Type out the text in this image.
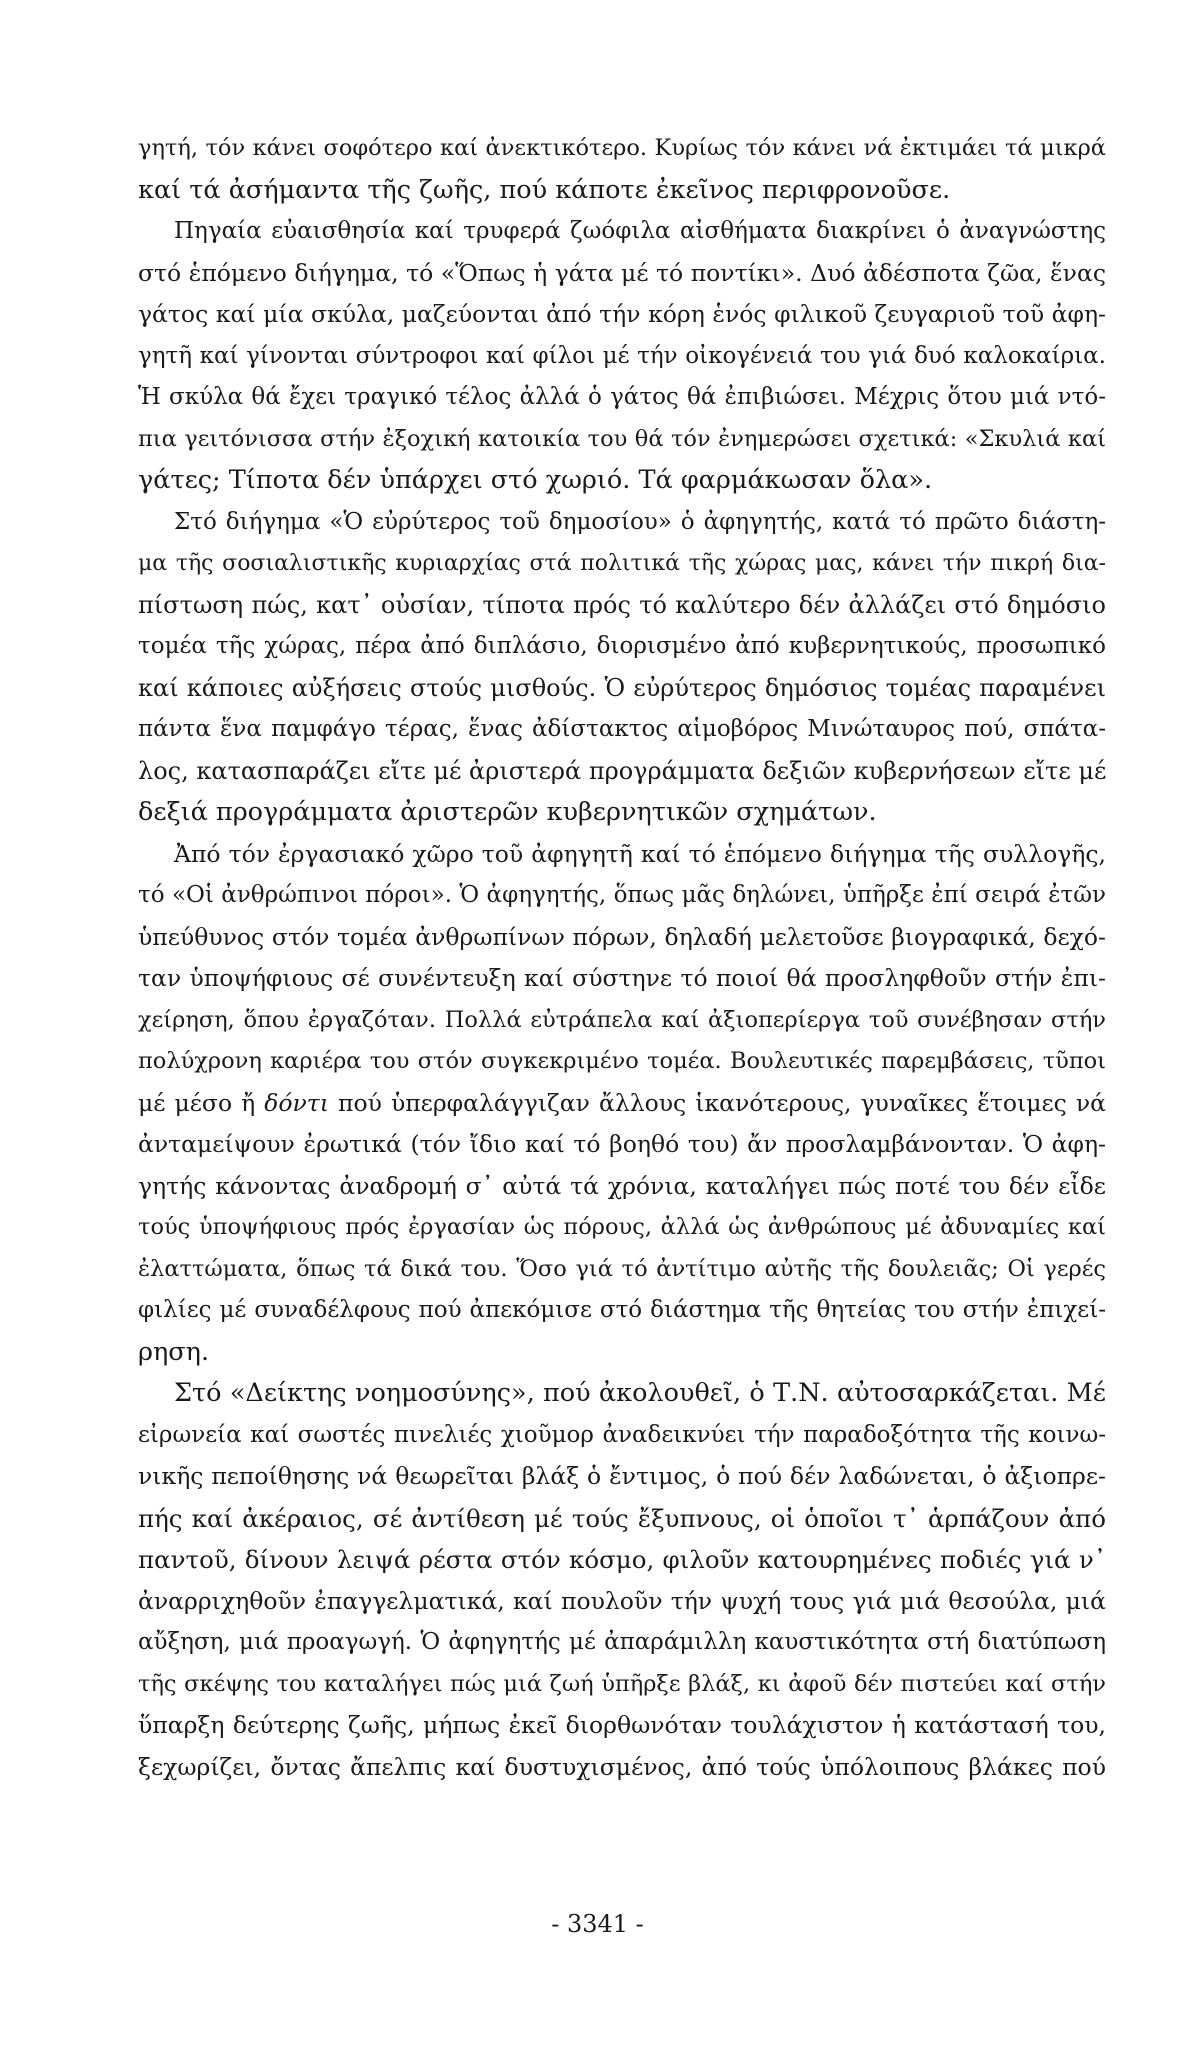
γητή, τόν κάνει σοφότερο καί ἀνεκτικότερο. Κυρίως τόν κάνει νά ἐκτιμάει τά μικρά
καί τά ἀσήμαντα τῆς ζωῆς, πού κάποτε ἐκεῖνος περιφρονοῦσε.
Πηγαία εὐαισθησία καί τρυφερά ζωόφιλα αἰσθήματα διακρίνει ὁ ἀναγνώστης
στό ἑπόμενο διήγημα, τό «Ὅπως ἡ γάτα μέ τό ποντίκι». Δυό ἀδέσποτα ζῶα, ἕνας
γάτος καί μία σκύλα, μαζεύονται ἀπό τήν κόρη ἑνός φιλικοῦ ζευγαριοῦ τοῦ ἀφη-
γητῆ καί γίνονται σύντροφοι καί φίλοι μέ τήν οἰκογένειά του γιά δυό καλοκαίρια.
Ἡ σκύλα θά ἔχει τραγικό τέλος ἀλλά ὁ γάτος θά ἐπιβιώσει. Μέχρις ὅτου μιά ντό-
πια γειτόνισσα στήν ἐξοχική κατοικία του θά τόν ἐνημερώσει σχετικά: «Σκυλιά καί
γάτες; Τίποτα δέν ὑπάρχει στό χωριό. Τά φαρμάκωσαν ὅλα».
Στό διήγημα «Ὁ εὐρύτερος τοῦ δημοσίου» ὁ ἀφηγητής, κατά τό πρῶτο διάστη-
μα τῆς σοσιαλιστικῆς κυριαρχίας στά πολιτικά τῆς χώρας μας, κάνει τήν πικρή δια-
πίστωση πώς, κατ᾽ οὐσίαν, τίποτα πρός τό καλύτερο δέν ἀλλάζει στό δημόσιο
τομέα τῆς χώρας, πέρα ἀπό διπλάσιο, διορισμένο ἀπό κυβερνητικούς, προσωπικό
καί κάποιες αὐξήσεις στούς μισθούς. Ὁ εὐρύτερος δημόσιος τομέας παραμένει
πάντα ἕνα παμφάγο τέρας, ἕνας ἀδίστακτος αἱμοβόρος Μινώταυρος πού, σπάτα-
λος, κατασπαράζει εἴτε μέ ἀριστερά προγράμματα δεξιῶν κυβερνήσεων εἴτε μέ
δεξιά προγράμματα ἀριστερῶν κυβερνητικῶν σχημάτων.
Ἀπό τόν ἐργασιακό χῶρο τοῦ ἀφηγητῆ καί τό ἑπόμενο διήγημα τῆς συλλογῆς,
τό «Οἱ ἀνθρώπινοι πόροι». Ὁ ἀφηγητής, ὅπως μᾶς δηλώνει, ὑπῆρξε ἐπί σειρά ἐτῶν
ὑπεύθυνος στόν τομέα ἀνθρωπίνων πόρων, δηλαδή μελετοῦσε βιογραφικά, δεχό-
ταν ὑποψήφιους σέ συνέντευξη καί σύστηνε τό ποιοί θά προσληφθοῦν στήν ἐπι-
χείρηση, ὅπου ἐργαζόταν. Πολλά εὐτράπελα καί ἀξιοπερίεργα τοῦ συνέβησαν στήν
πολύχρονη καριέρα του στόν συγκεκριμένο τομέα. Βουλευτικές παρεμβάσεις, τῦποι
μέ μέσο ἤ δόντι πού ὑπερφαλάγγιζαν ἄλλους ἱκανότερους, γυναῖκες ἕτοιμες νά
ἀνταμείψουν ἐρωτικά (τόν ἴδιο καί τό βοηθό του) ἄν προσλαμβάνονταν. Ὁ ἀφη-
γητής κάνοντας ἀναδρομή σ᾽ αὐτά τά χρόνια, καταλήγει πώς ποτέ του δέν εἶδε
τούς ὑποψήφιους πρός ἐργασίαν ὡς πόρους, ἀλλά ὡς ἀνθρώπους μέ ἀδυναμίες καί
ἐλαττώματα, ὅπως τά δικά του. Ὅσο γιά τό ἀντίτιμο αὐτῆς τῆς δουλειᾶς; Οἱ γερές
φιλίες μέ συναδέλφους πού ἀπεκόμισε στό διάστημα τῆς θητείας του στήν ἐπιχεί-
ρηση.
Στό «Δείκτης νοημοσύνης», πού ἀκολουθεῖ, ὁ Τ.Ν. αὐτοσαρκάζεται. Μέ
εἰρωνεία καί σωστές πινελιές χιοῦμορ ἀναδεικνύει τήν παραδοξότητα τῆς κοινω-
νικῆς πεποίθησης νά θεωρεῖται βλάξ ὁ ἔντιμος, ὁ πού δέν λαδώνεται, ὁ ἀξιοπρε-
πής καί ἀκέραιος, σέ ἀντίθεση μέ τούς ἔξυπνους, οἱ ὁποῖοι τ᾽ ἁρπάζουν ἀπό
παντοῦ, δίνουν λειψά ρέστα στόν κόσμο, φιλοῦν κατουρημένες ποδιές γιά ν᾽
ἀναρριχηθοῦν ἐπαγγελματικά, καί πουλοῦν τήν ψυχή τους γιά μιά θεσούλα, μιά
αὔξηση, μιά προαγωγή. Ὁ ἀφηγητής μέ ἀπαράμιλλη καυστικότητα στή διατύπωση
τῆς σκέψης του καταλήγει πώς μιά ζωή ὑπῆρξε βλάξ, κι ἀφοῦ δέν πιστεύει καί στήν
ὕπαρξη δεύτερης ζωῆς, μήπως ἐκεῖ διορθωνόταν τουλάχιστον ἡ κατάστασή του,
ξεχωρίζει, ὄντας ἄπελπις καί δυστυχισμένος, ἀπό τούς ὑπόλοιπους βλάκες πού
- 3341 -
